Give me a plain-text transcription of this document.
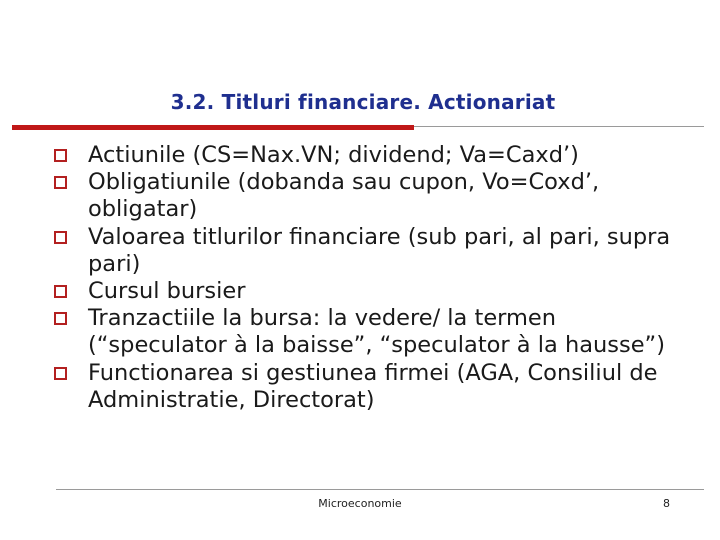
3.2. Titluri financiare. Actionariat
Actiunile (CS=Nax.VN; dividend; Va=Caxd’)
Obligatiunile (dobanda sau cupon, Vo=Coxd’, obligatar)
Valoarea titlurilor financiare (sub pari, al pari, supra pari)
Cursul bursier
Tranzactiile la bursa: la vedere/ la termen (“speculator à la baisse”, “speculator à la hausse”)
Functionarea si gestiunea firmei (AGA, Consiliul de Administratie, Directorat)
Microeconomie	8
